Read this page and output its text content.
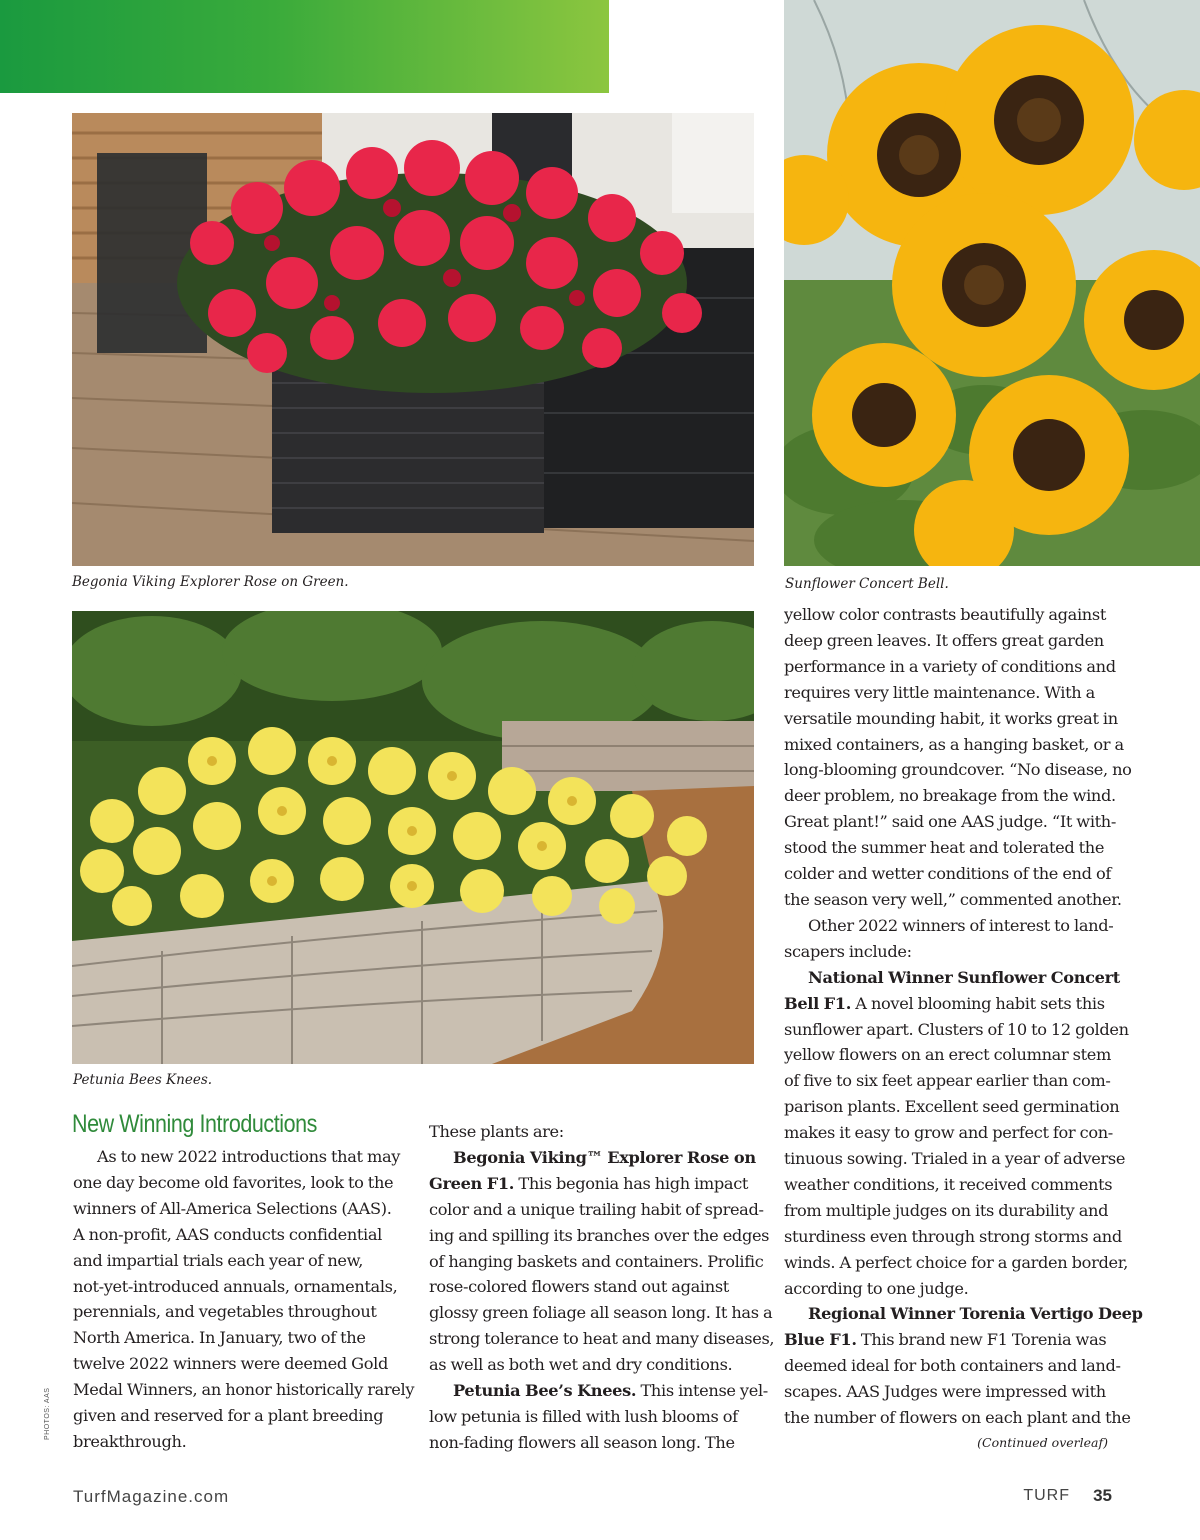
Begonia Viking Explorer Rose on Green.	Sunflower Concert Bell.
Petunia Bees Knees.
New Winning Introductions
As to new 2022 introductions that may
one day become old favorites, look to the
winners of All-America Selections (AAS).
A non-profit, AAS conducts confidential
and impartial trials each year of new,
not-yet-introduced annuals, ornamentals,
perennials, and vegetables throughout
North America. In January, two of the
twelve 2022 winners were deemed Gold
Medal Winners, an honor historically rarely
given and reserved for a plant breeding
breakthrough.
These plants are:
Begonia Viking™ Explorer Rose on
Green F1. This begonia has high impact
color and a unique trailing habit of spread-
ing and spilling its branches over the edges
of hanging baskets and containers. Prolific
rose-colored flowers stand out against
glossy green foliage all season long. It has a
strong tolerance to heat and many diseases,
as well as both wet and dry conditions.
Petunia Bee’s Knees. This intense yel-
low petunia is filled with lush blooms of
non-fading flowers all season long. The
yellow color contrasts beautifully against
deep green leaves. It offers great garden
performance in a variety of conditions and
requires very little maintenance. With a
versatile mounding habit, it works great in
mixed containers, as a hanging basket, or a
long-blooming groundcover. “No disease, no
deer problem, no breakage from the wind.
Great plant!” said one AAS judge. “It with-
stood the summer heat and tolerated the
colder and wetter conditions of the end of
the season very well,” commented another.
Other 2022 winners of interest to land-
scapers include:
National Winner Sunflower Concert
Bell F1. A novel blooming habit sets this
sunflower apart. Clusters of 10 to 12 golden
yellow flowers on an erect columnar stem
of five to six feet appear earlier than com-
parison plants. Excellent seed germination
makes it easy to grow and perfect for con-
tinuous sowing. Trialed in a year of adverse
weather conditions, it received comments
from multiple judges on its durability and
sturdiness even through strong storms and
winds. A perfect choice for a garden border,
according to one judge.
Regional Winner Torenia Vertigo Deep
Blue F1. This brand new F1 Torenia was
deemed ideal for both containers and land-
scapes. AAS Judges were impressed with
the number of flowers on each plant and the
(Continued overleaf)
PHOTOS: AAS
TurfMagazine.com	TURF 35
